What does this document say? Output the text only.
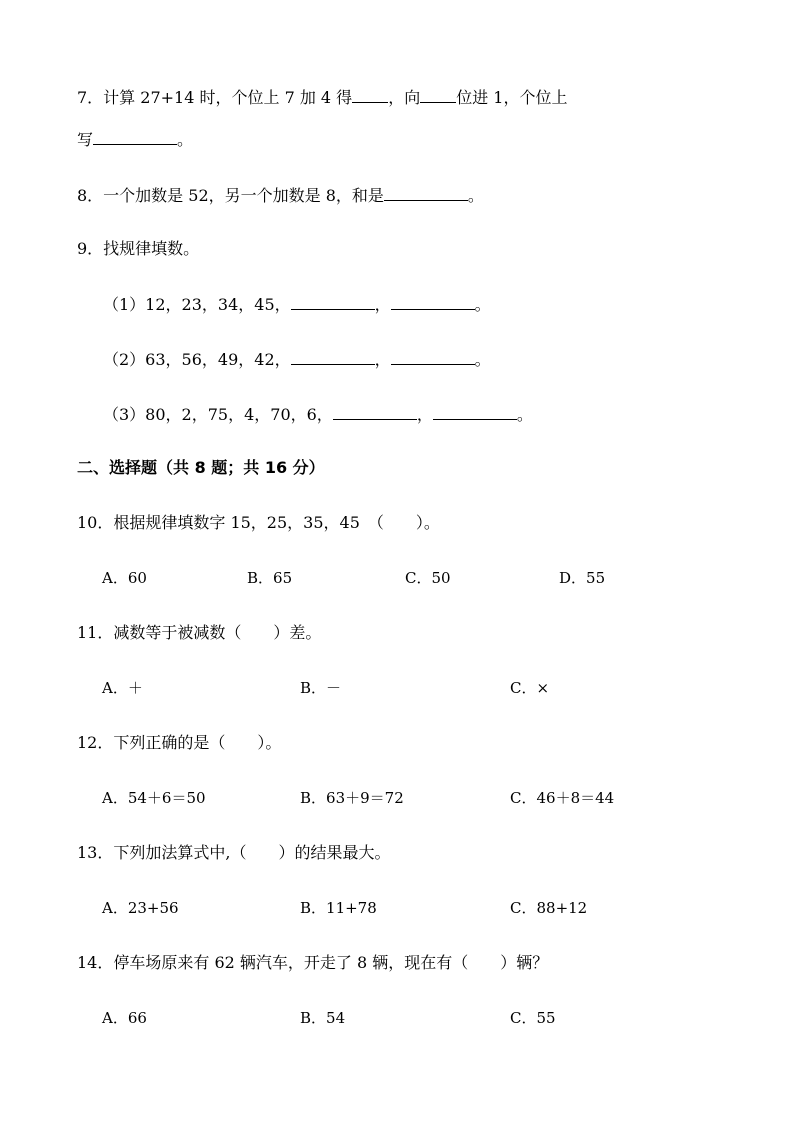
7．计算 27+14 时，个位上 7 加 4 得 ，向 位进 1，个位上
写	。
8．一个加数是 52，另一个加数是 8，和是	。
9．找规律填数。
（1）12，23，34，45，	，	。
（2）63，56，49，42，	，	。
（3）80，2，75，4，70，6，	，	。
二、选择题（共 8 题；共 16 分）
10．根据规律填数字 15，25，35，45　（　　）。
A．60	B．65	C．50	D．55
11．减数等于被减数（　　）差。
A．＋	B．－	C．×
12．下列正确的是（　　）。
A．54＋6＝50	B．63＋9＝72	C．46＋8＝44
13．下列加法算式中,（　　）的结果最大。
A．23+56	B．11+78	C．88+12
14．停车场原来有 62 辆汽车，开走了 8 辆，现在有（　　）辆？
A．66	B．54	C．55
